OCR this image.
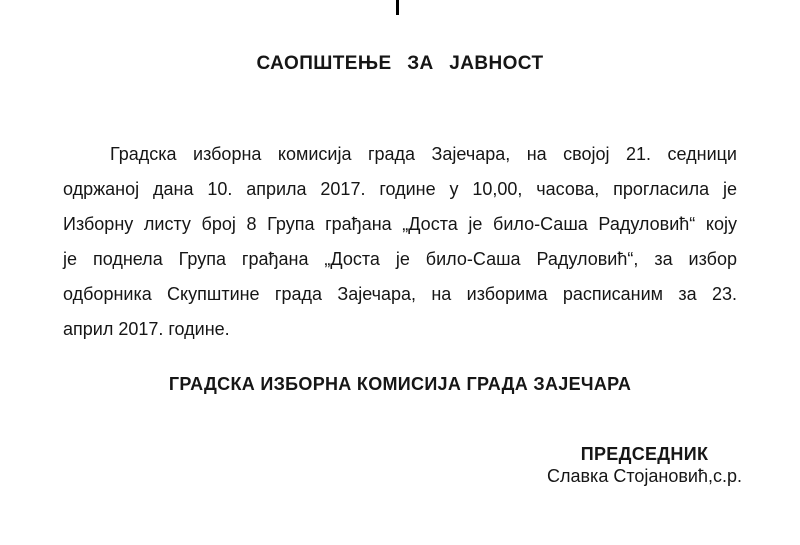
САОПШТЕЊЕ ЗА ЈАВНОСТ
Градска изборна комисија града Зајечара, на својој 21. седници
одржаној дана 10. априла 2017. године у 10,00, часова, прогласила је
Изборну листу број 8 Група грађана „Доста је било-Саша Радуловић“ коју
је поднела Група грађана „Доста је било-Саша Радуловић“, за избор
одборника Скупштине града Зајечара, на изборима расписаним за 23.
април 2017. године.
ГРАДСКА ИЗБОРНА КОМИСИЈА ГРАДА ЗАЈЕЧАРА
ПРЕДСЕДНИК
Славка Стојановић,с.р.
